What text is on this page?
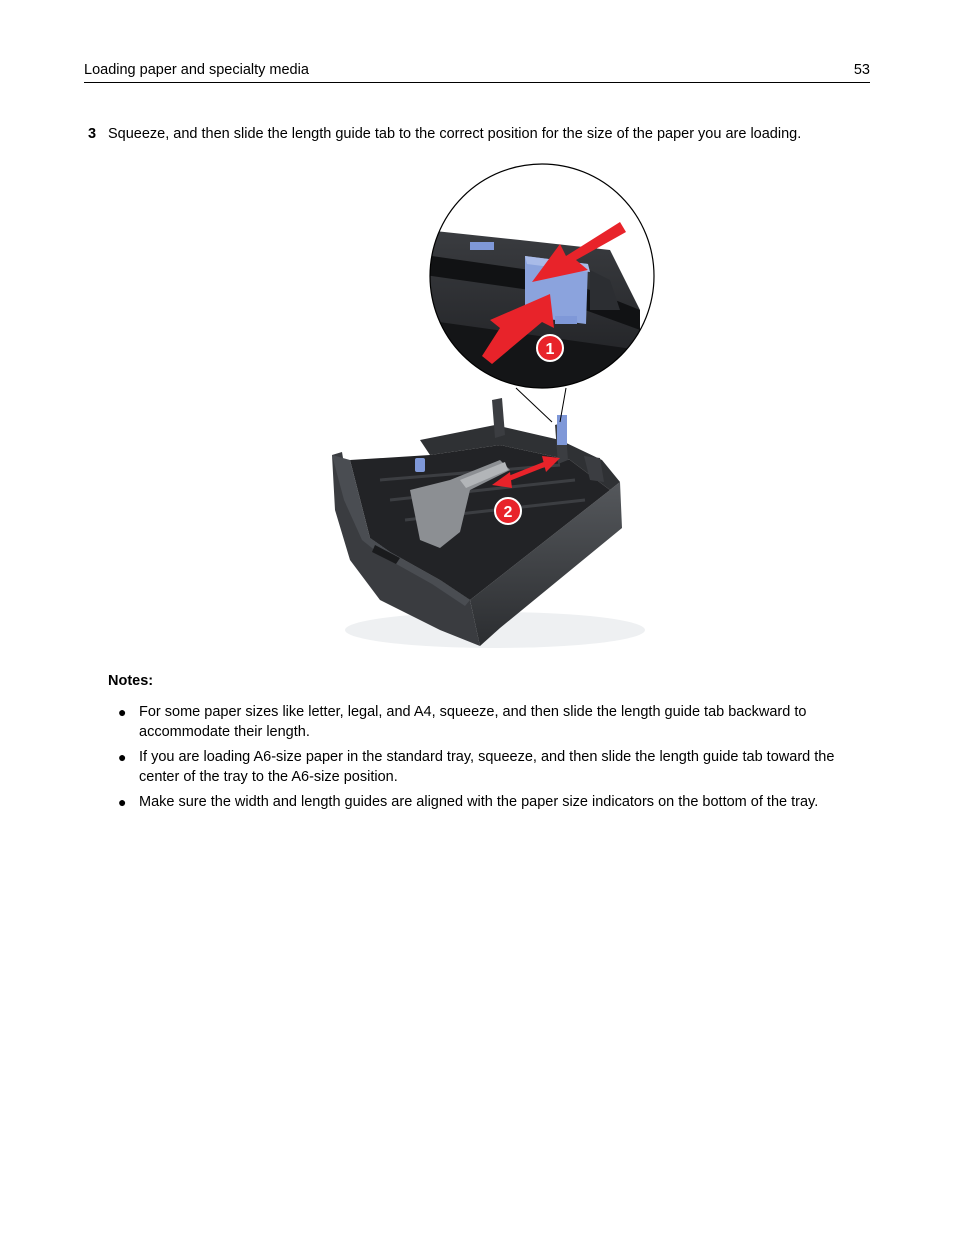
Loading paper and specialty media	53
3 Squeeze, and then slide the length guide tab to the correct position for the size of the paper you are loading.
2
1
Notes:
● For some paper sizes like letter, legal, and A4, squeeze, and then slide the length guide tab backward to accommodate their length.
● If you are loading A6-size paper in the standard tray, squeeze, and then slide the length guide tab toward the center of the tray to the A6-size position.
● Make sure the width and length guides are aligned with the paper size indicators on the bottom of the tray.
